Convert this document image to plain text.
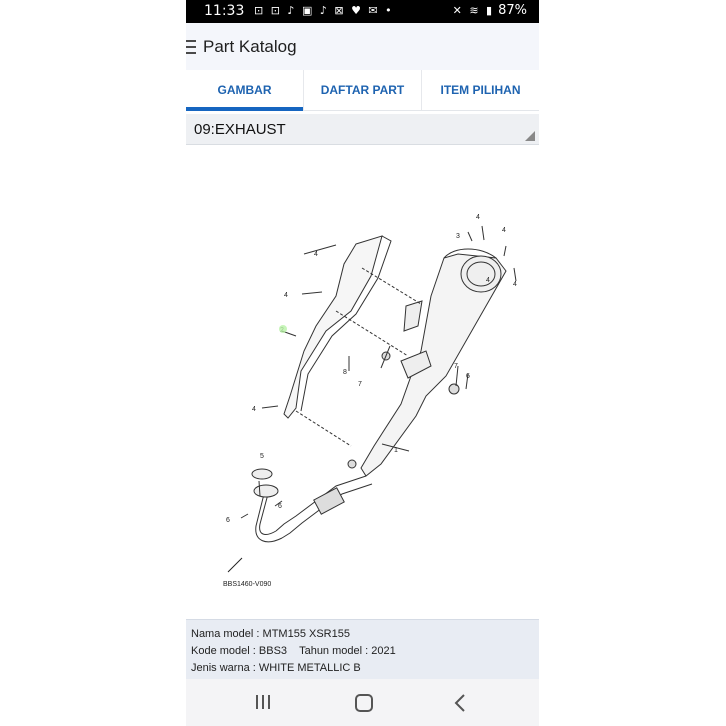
11:33 ⊡ ⊡ ♪ ▣ ♪ ⊠ ♥ ✉ •	✕ ≋ ▮ 87%
Part Katalog
GAMBAR	DAFTAR PART	ITEM PILIHAN
09:EXHAUST
1
3
4
4
4
4
4
4
4
5
6
6
6
7
7
8
BBS1460-V090
Nama model : MTM155 XSR155
Kode model : BBS3 Tahun model : 2021
Jenis warna : WHITE METALLIC B
